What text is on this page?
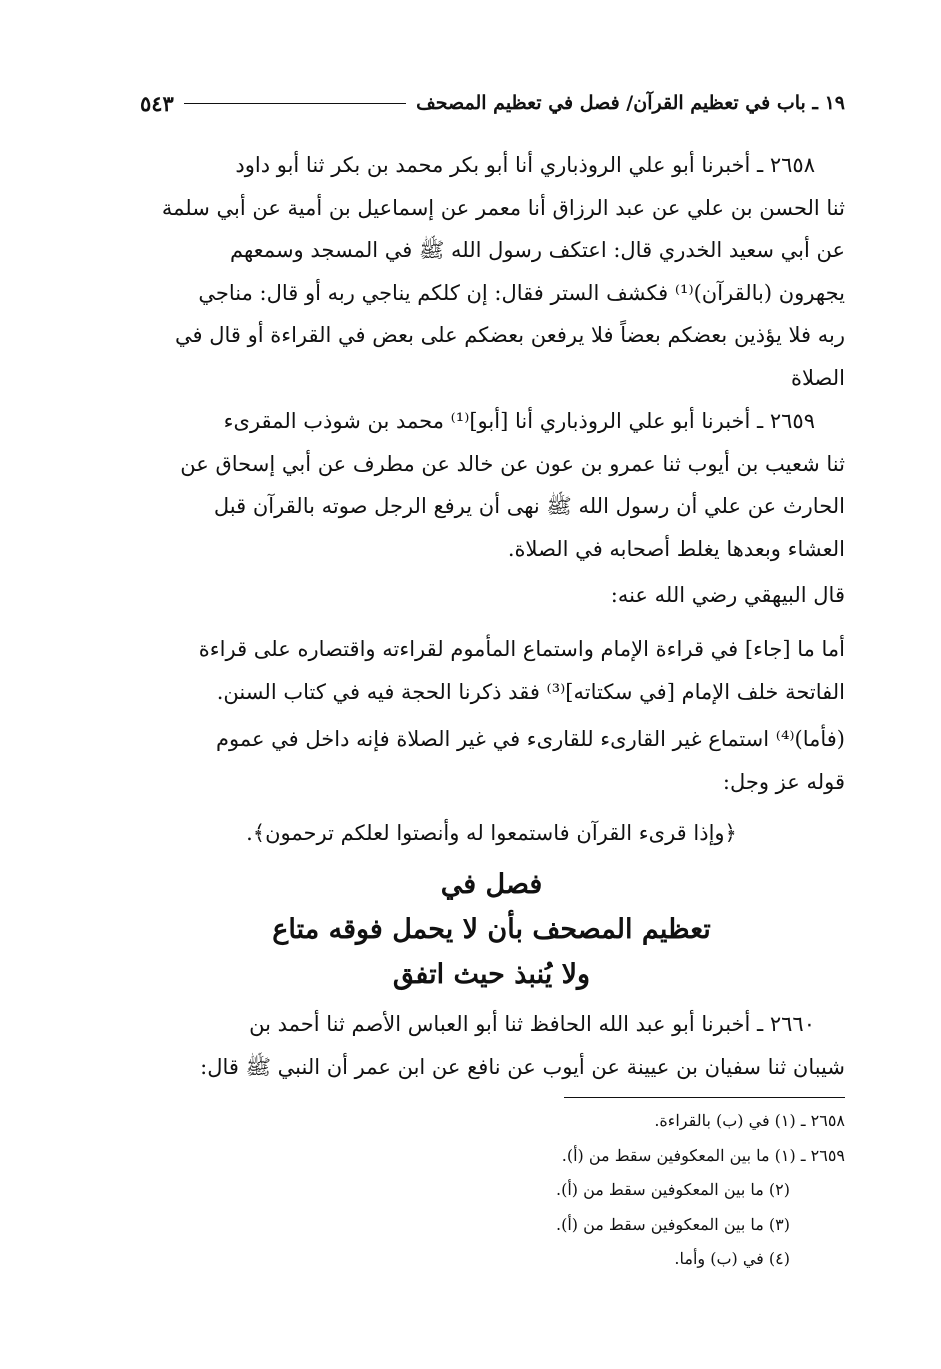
١٩ ـ باب في تعظيم القرآن/ فصل في تعظيم المصحف
٥٤٣
٢٦٥٨ ـ أخبرنا أبو علي الروذباري أنا أبو بكر محمد بن بكر ثنا أبو داود
ثنا الحسن بن علي عن عبد الرزاق أنا معمر عن إسماعيل بن أمية عن أبي سلمة
عن أبي سعيد الخدري قال: اعتكف رسول الله ﷺ في المسجد وسمعهم
يجهرون (بالقرآن)⁽¹⁾ فكشف الستر فقال: إن كلكم يناجي ربه أو قال: مناجي
ربه فلا يؤذين بعضكم بعضاً فلا يرفعن بعضكم على بعض في القراءة أو قال في
الصلاة
٢٦٥٩ ـ أخبرنا أبو علي الروذباري أنا [أبو]⁽¹⁾ محمد بن شوذب المقرىء
ثنا شعيب بن أيوب ثنا عمرو بن عون عن خالد عن مطرف عن أبي إسحاق عن
الحارث عن علي أن رسول الله ﷺ نهى أن يرفع الرجل صوته بالقرآن قبل
العشاء وبعدها يغلط أصحابه في الصلاة.
قال البيهقي رضي الله عنه:
أما ما [جاء] في قراءة الإمام واستماع المأموم لقراءته واقتصاره على قراءة
الفاتحة خلف الإمام [في سكتاته]⁽³⁾ فقد ذكرنا الحجة فيه في كتاب السنن.
(فأما)⁽⁴⁾ استماع غير القارىء للقارىء في غير الصلاة فإنه داخل في عموم
قوله عز وجل:
﴿وإذا قرىء القرآن فاستمعوا له وأنصتوا لعلكم ترحمون﴾.
فصل في
تعظيم المصحف بأن لا يحمل فوقه متاع
ولا يُنبذ حيث اتفق
٢٦٦٠ ـ أخبرنا أبو عبد الله الحافظ ثنا أبو العباس الأصم ثنا أحمد بن
شيبان ثنا سفيان بن عيينة عن أيوب عن نافع عن ابن عمر أن النبي ﷺ قال:
٢٦٥٨ ـ (١) في (ب) بالقراءة.
٢٦٥٩ ـ (١) ما بين المعكوفين سقط من (أ).
(٢) ما بين المعكوفين سقط من (أ).
(٣) ما بين المعكوفين سقط من (أ).
(٤) في (ب) وأما.
